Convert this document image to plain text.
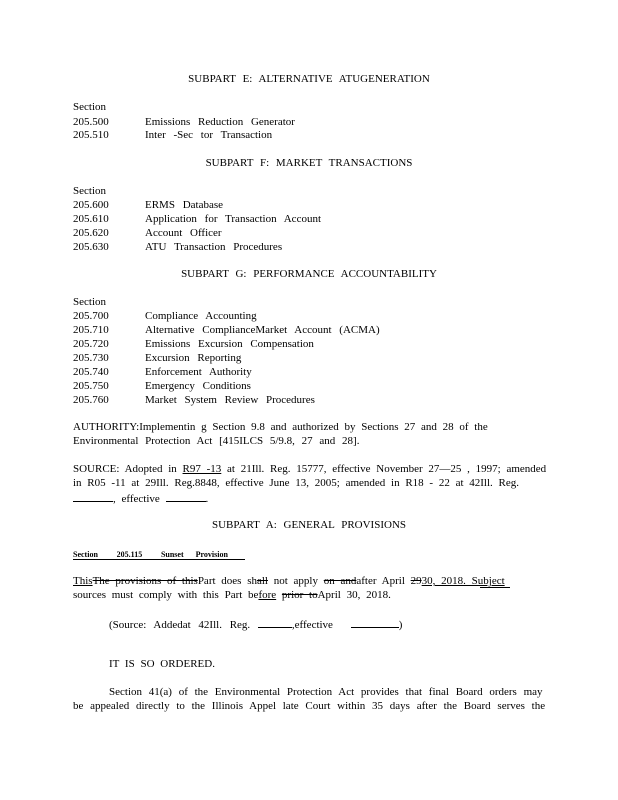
SUBPART E: ALTERNATIVE ATUGENERATION
Section
205.500	Emissions Reduction Generator
205.510	Inter -Sec tor Transaction
SUBPART F: MARKET TRANSACTIONS
Section
205.600	ERMS Database
205.610	Application for Transaction Account
205.620	Account Officer
205.630	ATU Transaction Procedures
SUBPART G: PERFORMANCE ACCOUNTABILITY
Section
205.700	Compliance Accounting
205.710	Alternative ComplianceMarket Account (ACMA)
205.720	Emissions Excursion Compensation
205.730	Excursion Reporting
205.740	Enforcement Authority
205.750	Emergency Conditions
205.760	Market System Review Procedures
AUTHORITY:Implementin g Section 9.8 and authorized by Sections 27 and 28 of the
Environmental Protection Act [415ILCS 5/9.8, 27 and 28].
SOURCE: Adopted in R97 -13 at 21Ill. Reg. 15777, effective November 27—25 , 1997; amended
in R05 -11 at 29Ill. Reg.8848, effective June 13, 2005; amended in R18 - 22 at 42Ill. Reg.
, effective	.
SUBPART A: GENERAL PROVISIONS
Section 205.115 Sunset Provision
ThisThe provisions of thisPart does shall not apply on andafter April 2930, 2018. Subject
sources must comply with this Part before prior toApril 30, 2018.
(Source: Addedat 42Ill. Reg.	,effective	)
IT IS SO ORDERED.
Section 41(a) of the Environmental Protection Act provides that final Board orders may
be appealed directly to the Illinois Appel late Court within 35 days after the Board serves the
